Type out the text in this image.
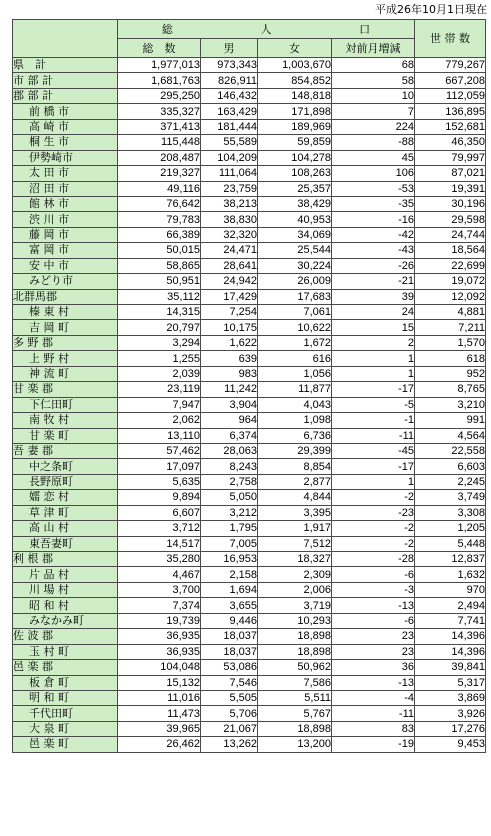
平成26年10月1日現在

	総 人 口				世 帯 数
	総　数	男	女	対前月増減	
県　計	1,977,013	973,343	1,003,670	68	779,267
市 部 計	1,681,763	826,911	854,852	58	667,208
郡 部 計	295,250	146,432	148,818	10	112,059
前 橋 市	335,327	163,429	171,898	7	136,895
高 崎 市	371,413	181,444	189,969	224	152,681
桐 生 市	115,448	55,589	59,859	-88	46,350
伊勢崎市	208,487	104,209	104,278	45	79,997
太 田 市	219,327	111,064	108,263	106	87,021
沼 田 市	49,116	23,759	25,357	-53	19,391
館 林 市	76,642	38,213	38,429	-35	30,196
渋 川 市	79,783	38,830	40,953	-16	29,598
藤 岡 市	66,389	32,320	34,069	-42	24,744
富 岡 市	50,015	24,471	25,544	-43	18,564
安 中 市	58,865	28,641	30,224	-26	22,699
みどり市	50,951	24,942	26,009	-21	19,072
北群馬郡	35,112	17,429	17,683	39	12,092
榛 東 村	14,315	7,254	7,061	24	4,881
吉 岡 町	20,797	10,175	10,622	15	7,211
多 野 郡	3,294	1,622	1,672	2	1,570
上 野 村	1,255	639	616	1	618
神 流 町	2,039	983	1,056	1	952
甘 楽 郡	23,119	11,242	11,877	-17	8,765
下仁田町	7,947	3,904	4,043	-5	3,210
南 牧 村	2,062	964	1,098	-1	991
甘 楽 町	13,110	6,374	6,736	-11	4,564
吾 妻 郡	57,462	28,063	29,399	-45	22,558
中之条町	17,097	8,243	8,854	-17	6,603
長野原町	5,635	2,758	2,877	1	2,245
嬬 恋 村	9,894	5,050	4,844	-2	3,749
草 津 町	6,607	3,212	3,395	-23	3,308
高 山 村	3,712	1,795	1,917	-2	1,205
東吾妻町	14,517	7,005	7,512	-2	5,448
利 根 郡	35,280	16,953	18,327	-28	12,837
片 品 村	4,467	2,158	2,309	-6	1,632
川 場 村	3,700	1,694	2,006	-3	970
昭 和 村	7,374	3,655	3,719	-13	2,494
みなかみ町	19,739	9,446	10,293	-6	7,741
佐 波 郡	36,935	18,037	18,898	23	14,396
玉 村 町	36,935	18,037	18,898	23	14,396
邑 楽 郡	104,048	53,086	50,962	36	39,841
板 倉 町	15,132	7,546	7,586	-13	5,317
明 和 町	11,016	5,505	5,511	-4	3,869
千代田町	11,473	5,706	5,767	-11	3,926
大 泉 町	39,965	21,067	18,898	83	17,276
邑 楽 町	26,462	13,262	13,200	-19	9,453
